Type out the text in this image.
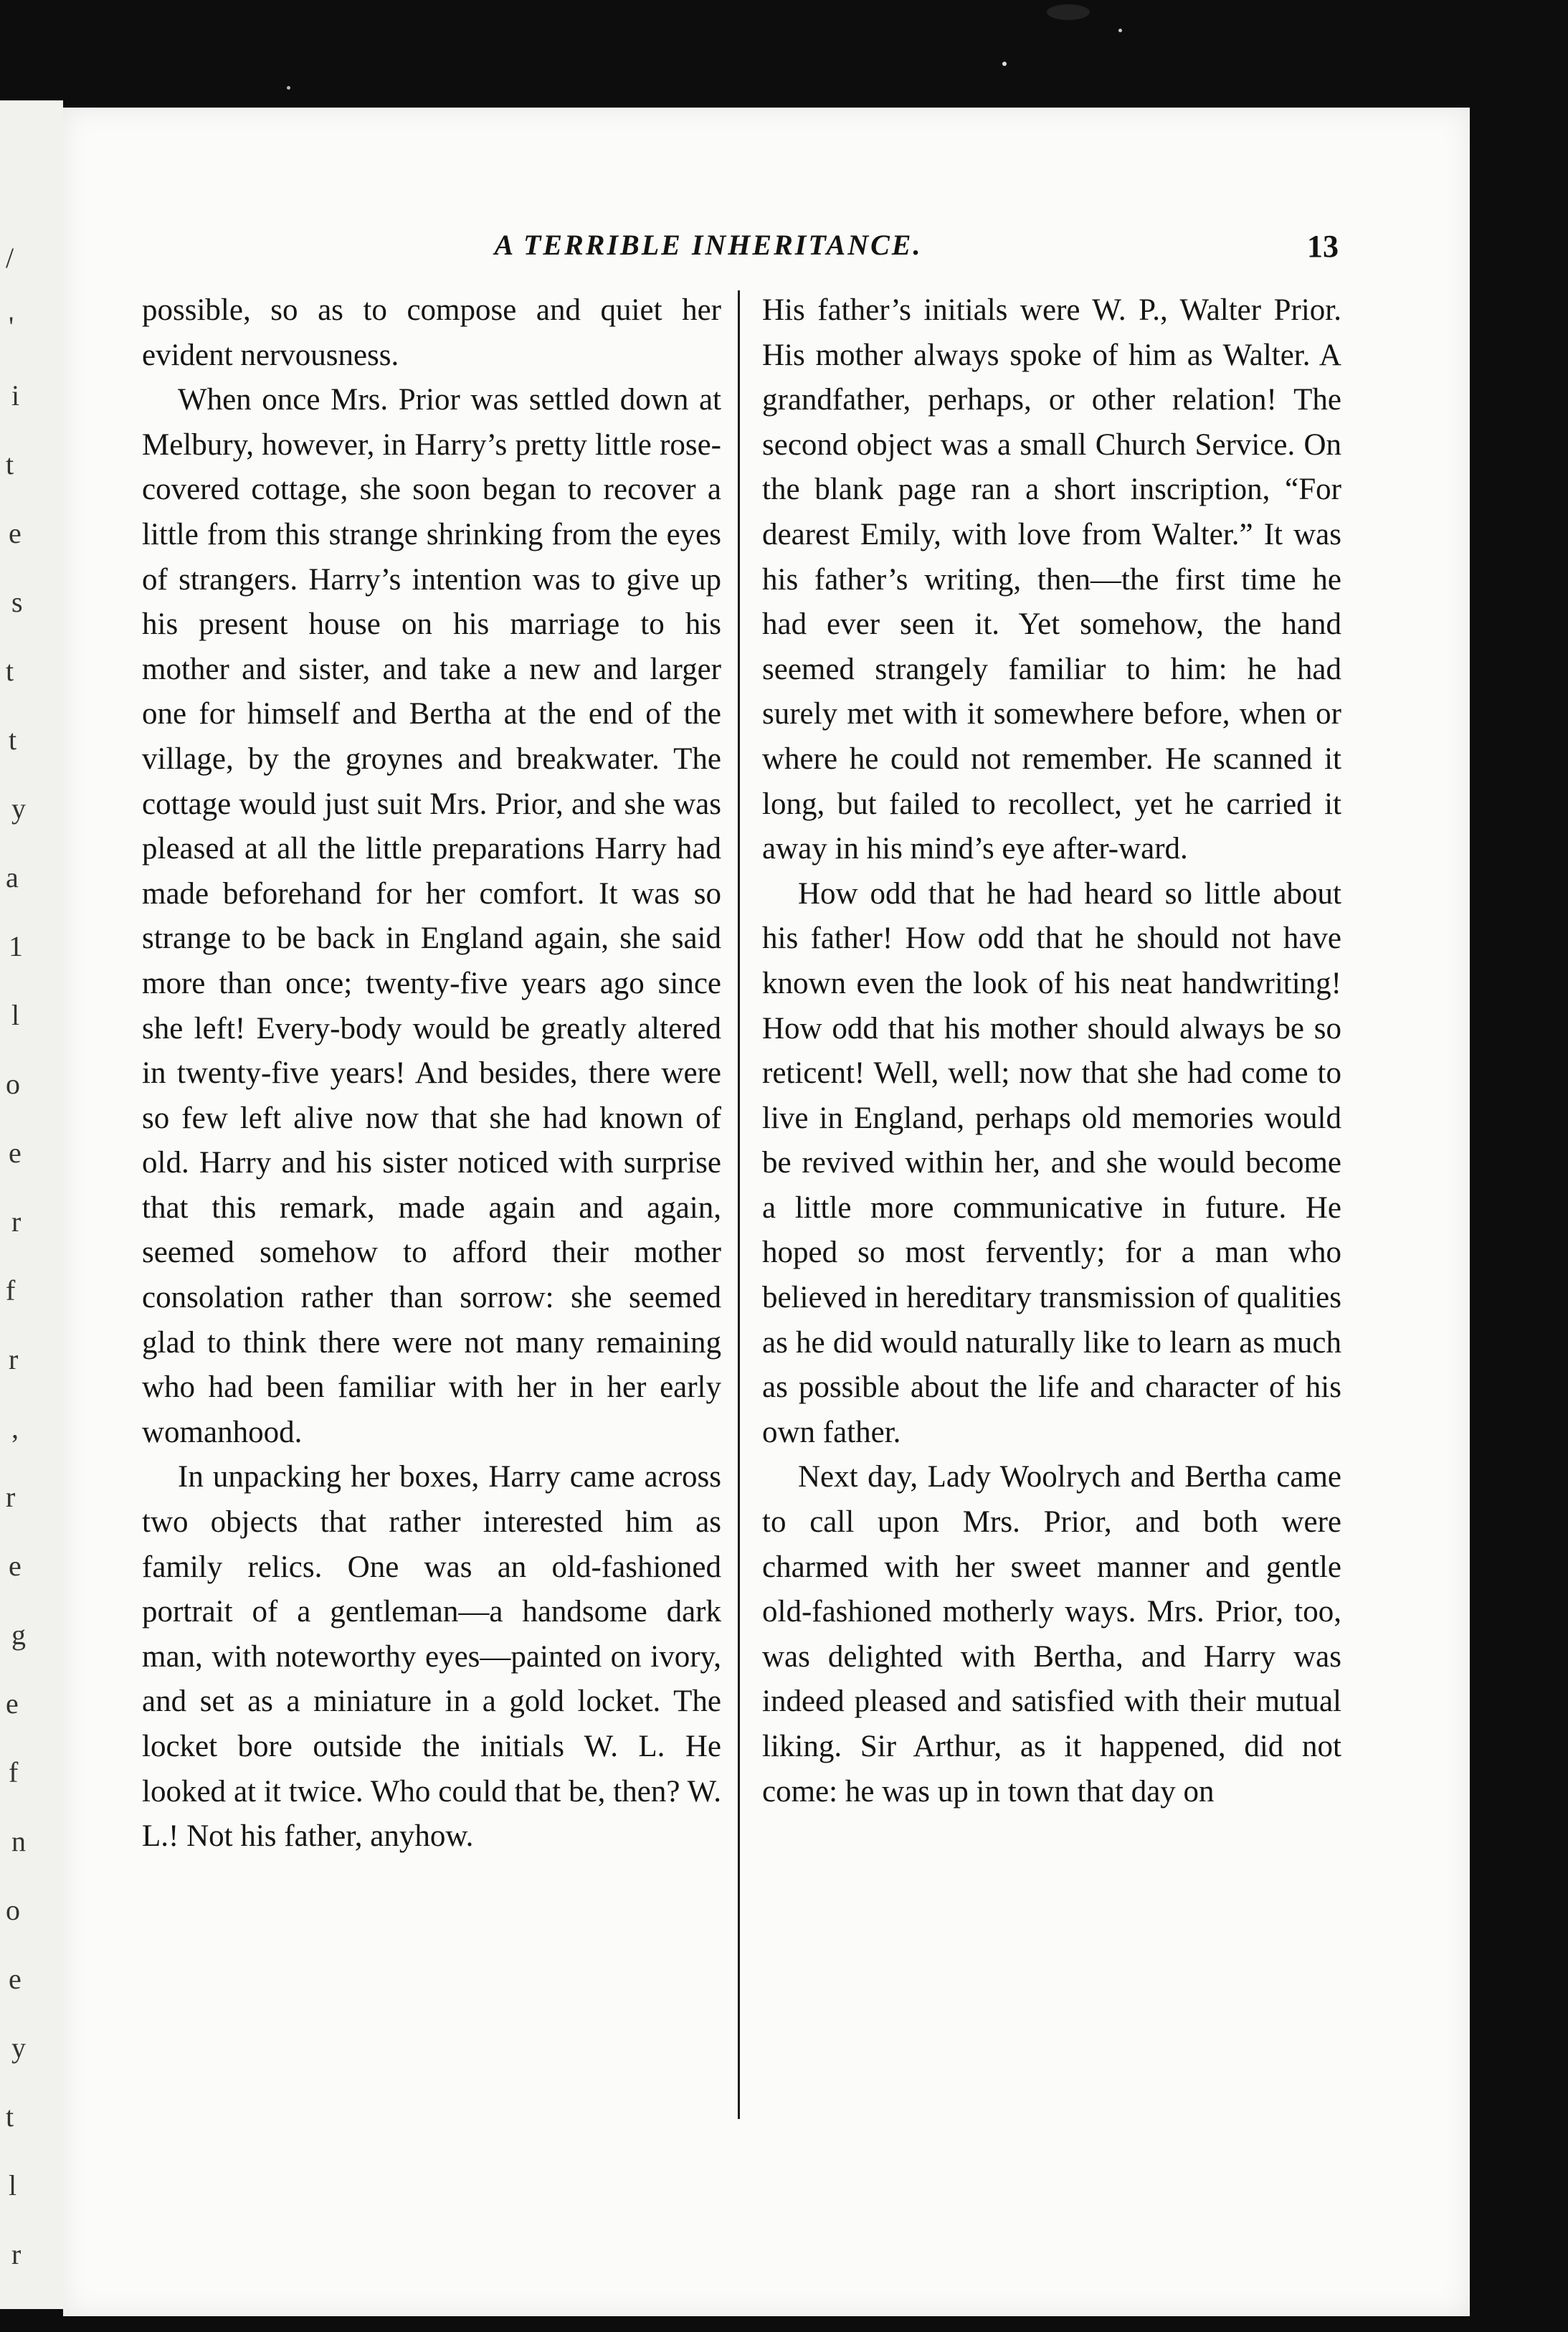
/
'
i
t
e
s
t
t
y
a
1
l
o
e
r
f
r
,
r
e
g
e
f
n
o
e
y
t
l
r
A TERRIBLE INHERITANCE.	13

possible, so as to compose and quiet her evident nervousness.

When once Mrs. Prior was settled down at Melbury, however, in Harry’s pretty little rose-covered cottage, she soon began to recover a little from this strange shrinking from the eyes of strangers. Harry’s intention was to give up his present house on his marriage to his mother and sister, and take a new and larger one for himself and Bertha at the end of the village, by the groynes and breakwater. The cottage would just suit Mrs. Prior, and she was pleased at all the little preparations Harry had made beforehand for her comfort. It was so strange to be back in England again, she said more than once; twenty-five years ago since she left! Every-body would be greatly altered in twenty-five years! And besides, there were so few left alive now that she had known of old. Harry and his sister noticed with surprise that this remark, made again and again, seemed somehow to afford their mother consolation rather than sorrow: she seemed glad to think there were not many remaining who had been familiar with her in her early womanhood.

In unpacking her boxes, Harry came across two objects that rather interested him as family relics. One was an old-fashioned portrait of a gentleman—a handsome dark man, with noteworthy eyes—painted on ivory, and set as a miniature in a gold locket. The locket bore outside the initials W. L. He looked at it twice. Who could that be, then? W. L.! Not his father, anyhow.

His father’s initials were W. P., Walter Prior. His mother always spoke of him as Walter. A grandfather, perhaps, or other relation! The second object was a small Church Service. On the blank page ran a short inscription, “For dearest Emily, with love from Walter.” It was his father’s writing, then—the first time he had ever seen it. Yet somehow, the hand seemed strangely familiar to him: he had surely met with it somewhere before, when or where he could not remember. He scanned it long, but failed to recollect, yet he carried it away in his mind’s eye after-ward.

How odd that he had heard so little about his father! How odd that he should not have known even the look of his neat handwriting! How odd that his mother should always be so reticent! Well, well; now that she had come to live in England, perhaps old memories would be revived within her, and she would become a little more communicative in future. He hoped so most fervently; for a man who believed in hereditary transmission of qualities as he did would naturally like to learn as much as possible about the life and character of his own father.

Next day, Lady Woolrych and Bertha came to call upon Mrs. Prior, and both were charmed with her sweet manner and gentle old-fashioned motherly ways. Mrs. Prior, too, was delighted with Bertha, and Harry was indeed pleased and satisfied with their mutual liking. Sir Arthur, as it happened, did not come: he was up in town that day on
